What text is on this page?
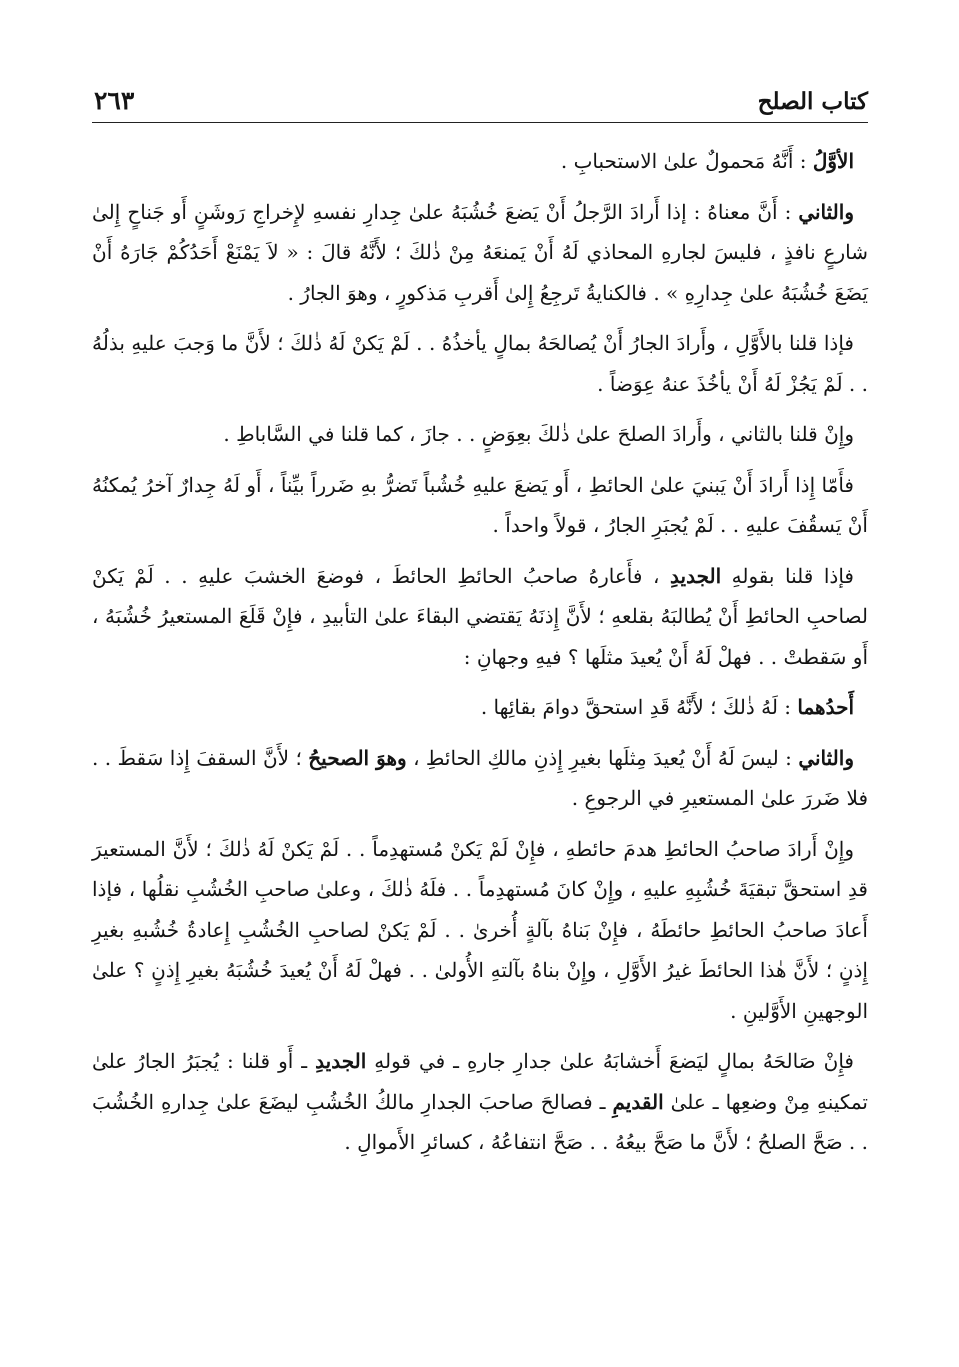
كتاب الصلح
٢٦٣

الأوَّلُ : أَنَّهُ مَحمولٌ علىٰ الاستحبابِ .

والثاني : أَنَّ معناهُ : إذا أَرادَ الرَّجلُ أَنْ يَضعَ خُشُبَهُ علىٰ جِدارِ نفسهِ لإِخراجِ رَوشَنٍ أَو جَناحٍ إِلىٰ شارعٍ نافذٍ ، فليسَ لجارهِ المحاذي لَهُ أَنْ يَمنعَهُ مِنْ ذٰلكَ ؛ لأَنَّهُ قالَ : « لاَ يَمْنَعْ أَحَدُكُمْ جَارَهُ أَنْ يَضَعَ خُشُبَهُ علىٰ جِدارِهِ » . فالكنايةُ تَرجِعُ إِلىٰ أَقربِ مَذكورٍ ، وهوَ الجارُ .

فإذا قلنا بالأَوَّلِ ، وأَرادَ الجارُ أَنْ يُصالحَهُ بمالٍ يأخذُهُ . . لَمْ يَكنْ لَهُ ذٰلكَ ؛ لأَنَّ ما وَجبَ عليهِ بذلُهُ . . لَمْ يَجُزْ لَهُ أَنْ يأخُذَ عنهُ عِوَضاً .

وإِنْ قلنا بالثاني ، وأَرادَ الصلحَ علىٰ ذٰلكَ بعِوَضٍ . . جازَ ، كما قلنا في السَّاباطِ .

فأَمّا إِذا أَرادَ أَنْ يَبنيَ علىٰ الحائطِ ، أَو يَضعَ عليهِ خُشُباً تَضرُّ بهِ ضَرراً بيِّناً ، أَو لَهُ جِدارٌ آخرُ يُمكنُهُ أَنْ يَسقُفَ عليهِ . . لَمْ يُجبَرِ الجارُ ، قولاً واحداً .

فإذا قلنا بقولهِ الجديدِ ، فأَعارهُ صاحبُ الحائطِ الحائطَ ، فوضعَ الخشبَ عليهِ . . لَمْ يَكنْ لصاحبِ الحائطِ أَنْ يُطالبَهُ بقلعهِ ؛ لأَنَّ إِذنَهُ يَقتضي البقاءَ علىٰ التأبيدِ ، فإِنْ قَلَعَ المستعيرُ خُشُبَهُ ، أَو سَقطتْ . . فهلْ لَهُ أَنْ يُعيدَ مثلَها ؟ فيهِ وجهانِ :

أَحدُهما : لَهُ ذٰلكَ ؛ لأَنَّهُ قَدِ استحقَّ دوامَ بقائِها .

والثاني : ليسَ لَهُ أَنْ يُعيدَ مِثلَها بغيرِ إِذنِ مالكِ الحائطِ ، وهوَ الصحيحُ ؛ لأَنَّ السقفَ إِذا سَقطَ . . فلا ضَررَ علىٰ المستعيرِ في الرجوعِ .

وإِنْ أَرادَ صاحبُ الحائطِ هدمَ حائطهِ ، فإِنْ لَمْ يَكنْ مُستهدِماً . . لَمْ يَكنْ لَهُ ذٰلكَ ؛ لأَنَّ المستعيرَ قدِ استحقَّ تبقيَةَ خُشُبِهِ عليهِ ، وإِنْ كانَ مُستهدِماً . . فلَهُ ذٰلكَ ، وعلىٰ صاحبِ الخُشُبِ نقلُها ، فإذا أَعادَ صاحبُ الحائطِ حائطَهُ ، فإِنْ بَناهُ بآلةٍ أُخرىٰ . . لَمْ يَكنْ لصاحبِ الخُشُبِ إِعادةُ خُشُبهِ بغيرِ إِذنٍ ؛ لأَنَّ هٰذا الحائطَ غيرُ الأَوَّلِ ، وإِنْ بناهُ بآلتهِ الأُولىٰ . . فهلْ لَهُ أَنْ يُعيدَ خُشُبَهُ بغيرِ إِذنٍ ؟ علىٰ الوجهينِ الأَوَّلينِ .

فإِنْ صَالحَهُ بمالٍ ليَضعَ أَخشابَهُ علىٰ جدارِ جارهِ ـ في قولهِ الجديدِ ـ أَو قلنا : يُجبَرُ الجارُ علىٰ تمكينهِ مِنْ وضعِها ـ علىٰ القديمِ ـ فصالحَ صاحبَ الجدارِ مالكُ الخُشُبِ ليضَعَ علىٰ جِدارهِ الخُشُبَ . . صَحَّ الصلحُ ؛ لأَنَّ ما صَحَّ بيعُهُ . . صَحَّ انتفاعُهُ ، كسائرِ الأَموالِ .
